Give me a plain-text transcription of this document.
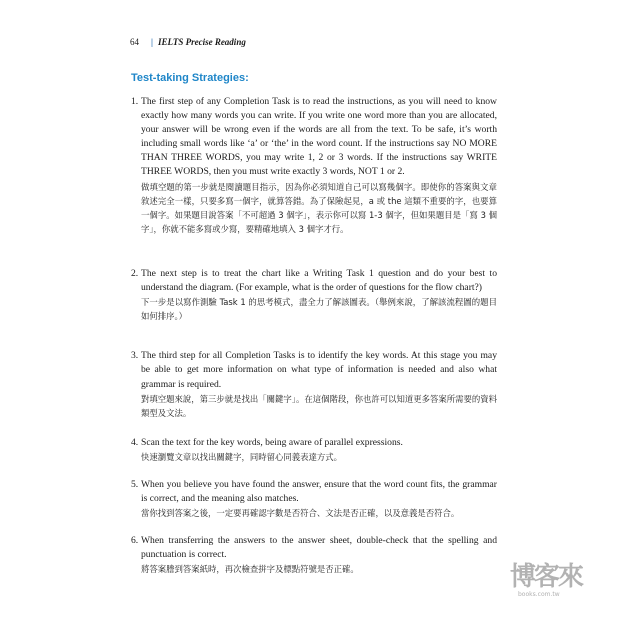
64 | IELTS Precise Reading
Test-taking Strategies:
1. The first step of any Completion Task is to read the instructions, as you will need to know exactly how many words you can write. If you write one word more than you are allocated, your answer will be wrong even if the words are all from the text. To be safe, it’s worth including small words like ‘a’ or ‘the’ in the word count. If the instructions say NO MORE THAN THREE WORDS, you may write 1, 2 or 3 words. If the instructions say WRITE THREE WORDS, then you must write exactly 3 words, NOT 1 or 2.
做填空題的第一步就是閱讀題目指示，因為你必須知道自己可以寫幾個字。即使你的答案與文章敘述完全一樣，只要多寫一個字，就算答錯。為了保險起見，a 或 the 這類不重要的字，也要算一個字。如果題目說答案「不可超過 3 個字」，表示你可以寫 1-3 個字，但如果題目是「寫 3 個字」，你就不能多寫或少寫，要精確地填入 3 個字才行。
2. The next step is to treat the chart like a Writing Task 1 question and do your best to understand the diagram. (For example, what is the order of questions for the flow chart?)
下一步是以寫作測驗 Task 1 的思考模式，盡全力了解該圖表。（舉例來說，了解該流程圖的題目如何排序。）
3. The third step for all Completion Tasks is to identify the key words. At this stage you may be able to get more information on what type of information is needed and also what grammar is required.
對填空題來說，第三步就是找出「關鍵字」。在這個階段，你也許可以知道更多答案所需要的資料類型及文法。
4. Scan the text for the key words, being aware of parallel expressions.
快速瀏覽文章以找出關鍵字，同時留心同義表達方式。
5. When you believe you have found the answer, ensure that the word count fits, the grammar is correct, and the meaning also matches.
當你找到答案之後，一定要再確認字數是否符合、文法是否正確，以及意義是否符合。
6. When transferring the answers to the answer sheet, double-check that the spelling and punctuation is correct.
將答案謄到答案紙時，再次檢查拼字及標點符號是否正確。	博客來
books.com.tw
